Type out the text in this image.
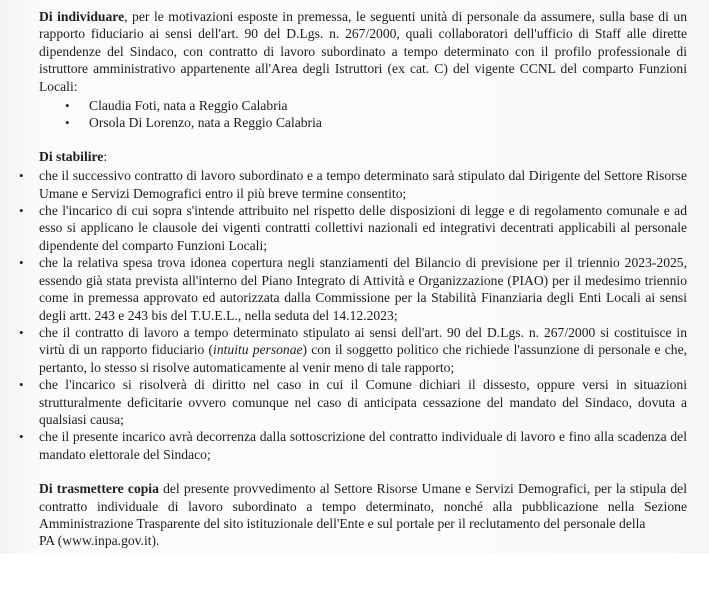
Di individuare, per le motivazioni esposte in premessa, le seguenti unità di personale da assumere, sulla base di un rapporto fiduciario ai sensi dell'art. 90 del D.Lgs. n. 267/2000, quali collaboratori dell'ufficio di Staff alle dirette dipendenze del Sindaco, con contratto di lavoro subordinato a tempo determinato con il profilo professionale di istruttore amministrativo appartenente all'Area degli Istruttori (ex cat. C) del vigente CCNL del comparto Funzioni Locali:

• Claudia Foti, nata a Reggio Calabria
• Orsola Di Lorenzo, nata a Reggio Calabria

Di stabilire:

• che il successivo contratto di lavoro subordinato e a tempo determinato sarà stipulato dal Dirigente del Settore Risorse Umane e Servizi Demografici entro il più breve termine consentito;
• che l'incarico di cui sopra s'intende attribuito nel rispetto delle disposizioni di legge e di regolamento comunale e ad esso si applicano le clausole dei vigenti contratti collettivi nazionali ed integrativi decentrati applicabili al personale dipendente del comparto Funzioni Locali;
• che la relativa spesa trova idonea copertura negli stanziamenti del Bilancio di previsione per il triennio 2023-2025, essendo già stata prevista all'interno del Piano Integrato di Attività e Organizzazione (PIAO) per il medesimo triennio come in premessa approvato ed autorizzata dalla Commissione per la Stabilità Finanziaria degli Enti Locali ai sensi degli artt. 243 e 243 bis del T.U.E.L., nella seduta del 14.12.2023;
• che il contratto di lavoro a tempo determinato stipulato ai sensi dell'art. 90 del D.Lgs. n. 267/2000 si costituisce in virtù di un rapporto fiduciario (intuitu personae) con il soggetto politico che richiede l'assunzione di personale e che, pertanto, lo stesso si risolve automaticamente al venir meno di tale rapporto;
• che l'incarico si risolverà di diritto nel caso in cui il Comune dichiari il dissesto, oppure versi in situazioni strutturalmente deficitarie ovvero comunque nel caso di anticipata cessazione del mandato del Sindaco, dovuta a qualsiasi causa;
• che il presente incarico avrà decorrenza dalla sottoscrizione del contratto individuale di lavoro e fino alla scadenza del mandato elettorale del Sindaco;

Di trasmettere copia del presente provvedimento al Settore Risorse Umane e Servizi Demografici, per la stipula del contratto individuale di lavoro subordinato a tempo determinato, nonché alla pubblicazione nella Sezione Amministrazione Trasparente del sito istituzionale dell'Ente e sul portale per il reclutamento del personale della

PA (www.inpa.gov.it).
